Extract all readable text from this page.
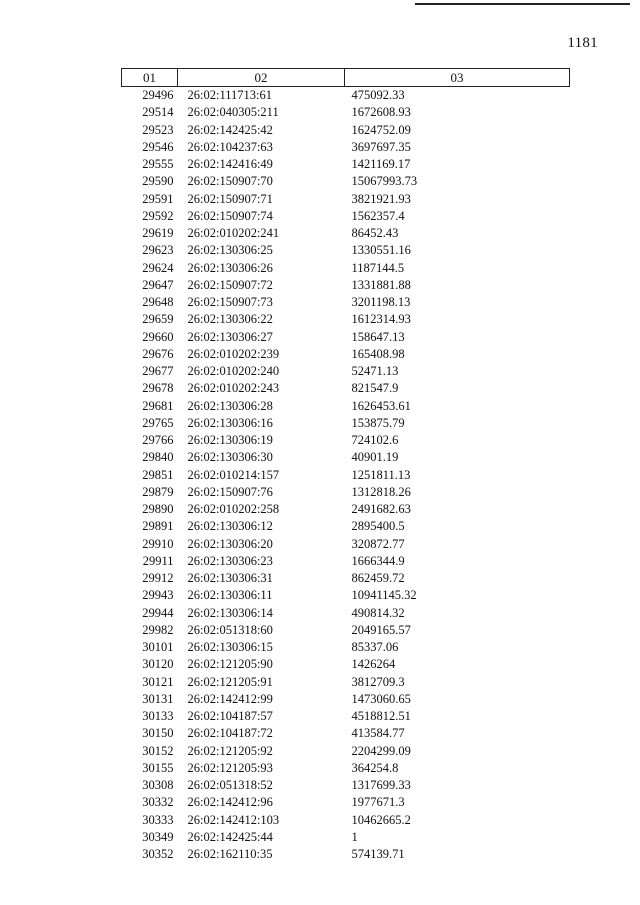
1181
01	02	03
29496	26:02:111713:61	475092.33
29514	26:02:040305:211	1672608.93
29523	26:02:142425:42	1624752.09
29546	26:02:104237:63	3697697.35
29555	26:02:142416:49	1421169.17
29590	26:02:150907:70	15067993.73
29591	26:02:150907:71	3821921.93
29592	26:02:150907:74	1562357.4
29619	26:02:010202:241	86452.43
29623	26:02:130306:25	1330551.16
29624	26:02:130306:26	1187144.5
29647	26:02:150907:72	1331881.88
29648	26:02:150907:73	3201198.13
29659	26:02:130306:22	1612314.93
29660	26:02:130306:27	158647.13
29676	26:02:010202:239	165408.98
29677	26:02:010202:240	52471.13
29678	26:02:010202:243	821547.9
29681	26:02:130306:28	1626453.61
29765	26:02:130306:16	153875.79
29766	26:02:130306:19	724102.6
29840	26:02:130306:30	40901.19
29851	26:02:010214:157	1251811.13
29879	26:02:150907:76	1312818.26
29890	26:02:010202:258	2491682.63
29891	26:02:130306:12	2895400.5
29910	26:02:130306:20	320872.77
29911	26:02:130306:23	1666344.9
29912	26:02:130306:31	862459.72
29943	26:02:130306:11	10941145.32
29944	26:02:130306:14	490814.32
29982	26:02:051318:60	2049165.57
30101	26:02:130306:15	85337.06
30120	26:02:121205:90	1426264
30121	26:02:121205:91	3812709.3
30131	26:02:142412:99	1473060.65
30133	26:02:104187:57	4518812.51
30150	26:02:104187:72	413584.77
30152	26:02:121205:92	2204299.09
30155	26:02:121205:93	364254.8
30308	26:02:051318:52	1317699.33
30332	26:02:142412:96	1977671.3
30333	26:02:142412:103	10462665.2
30349	26:02:142425:44	1
30352	26:02:162110:35	574139.71
